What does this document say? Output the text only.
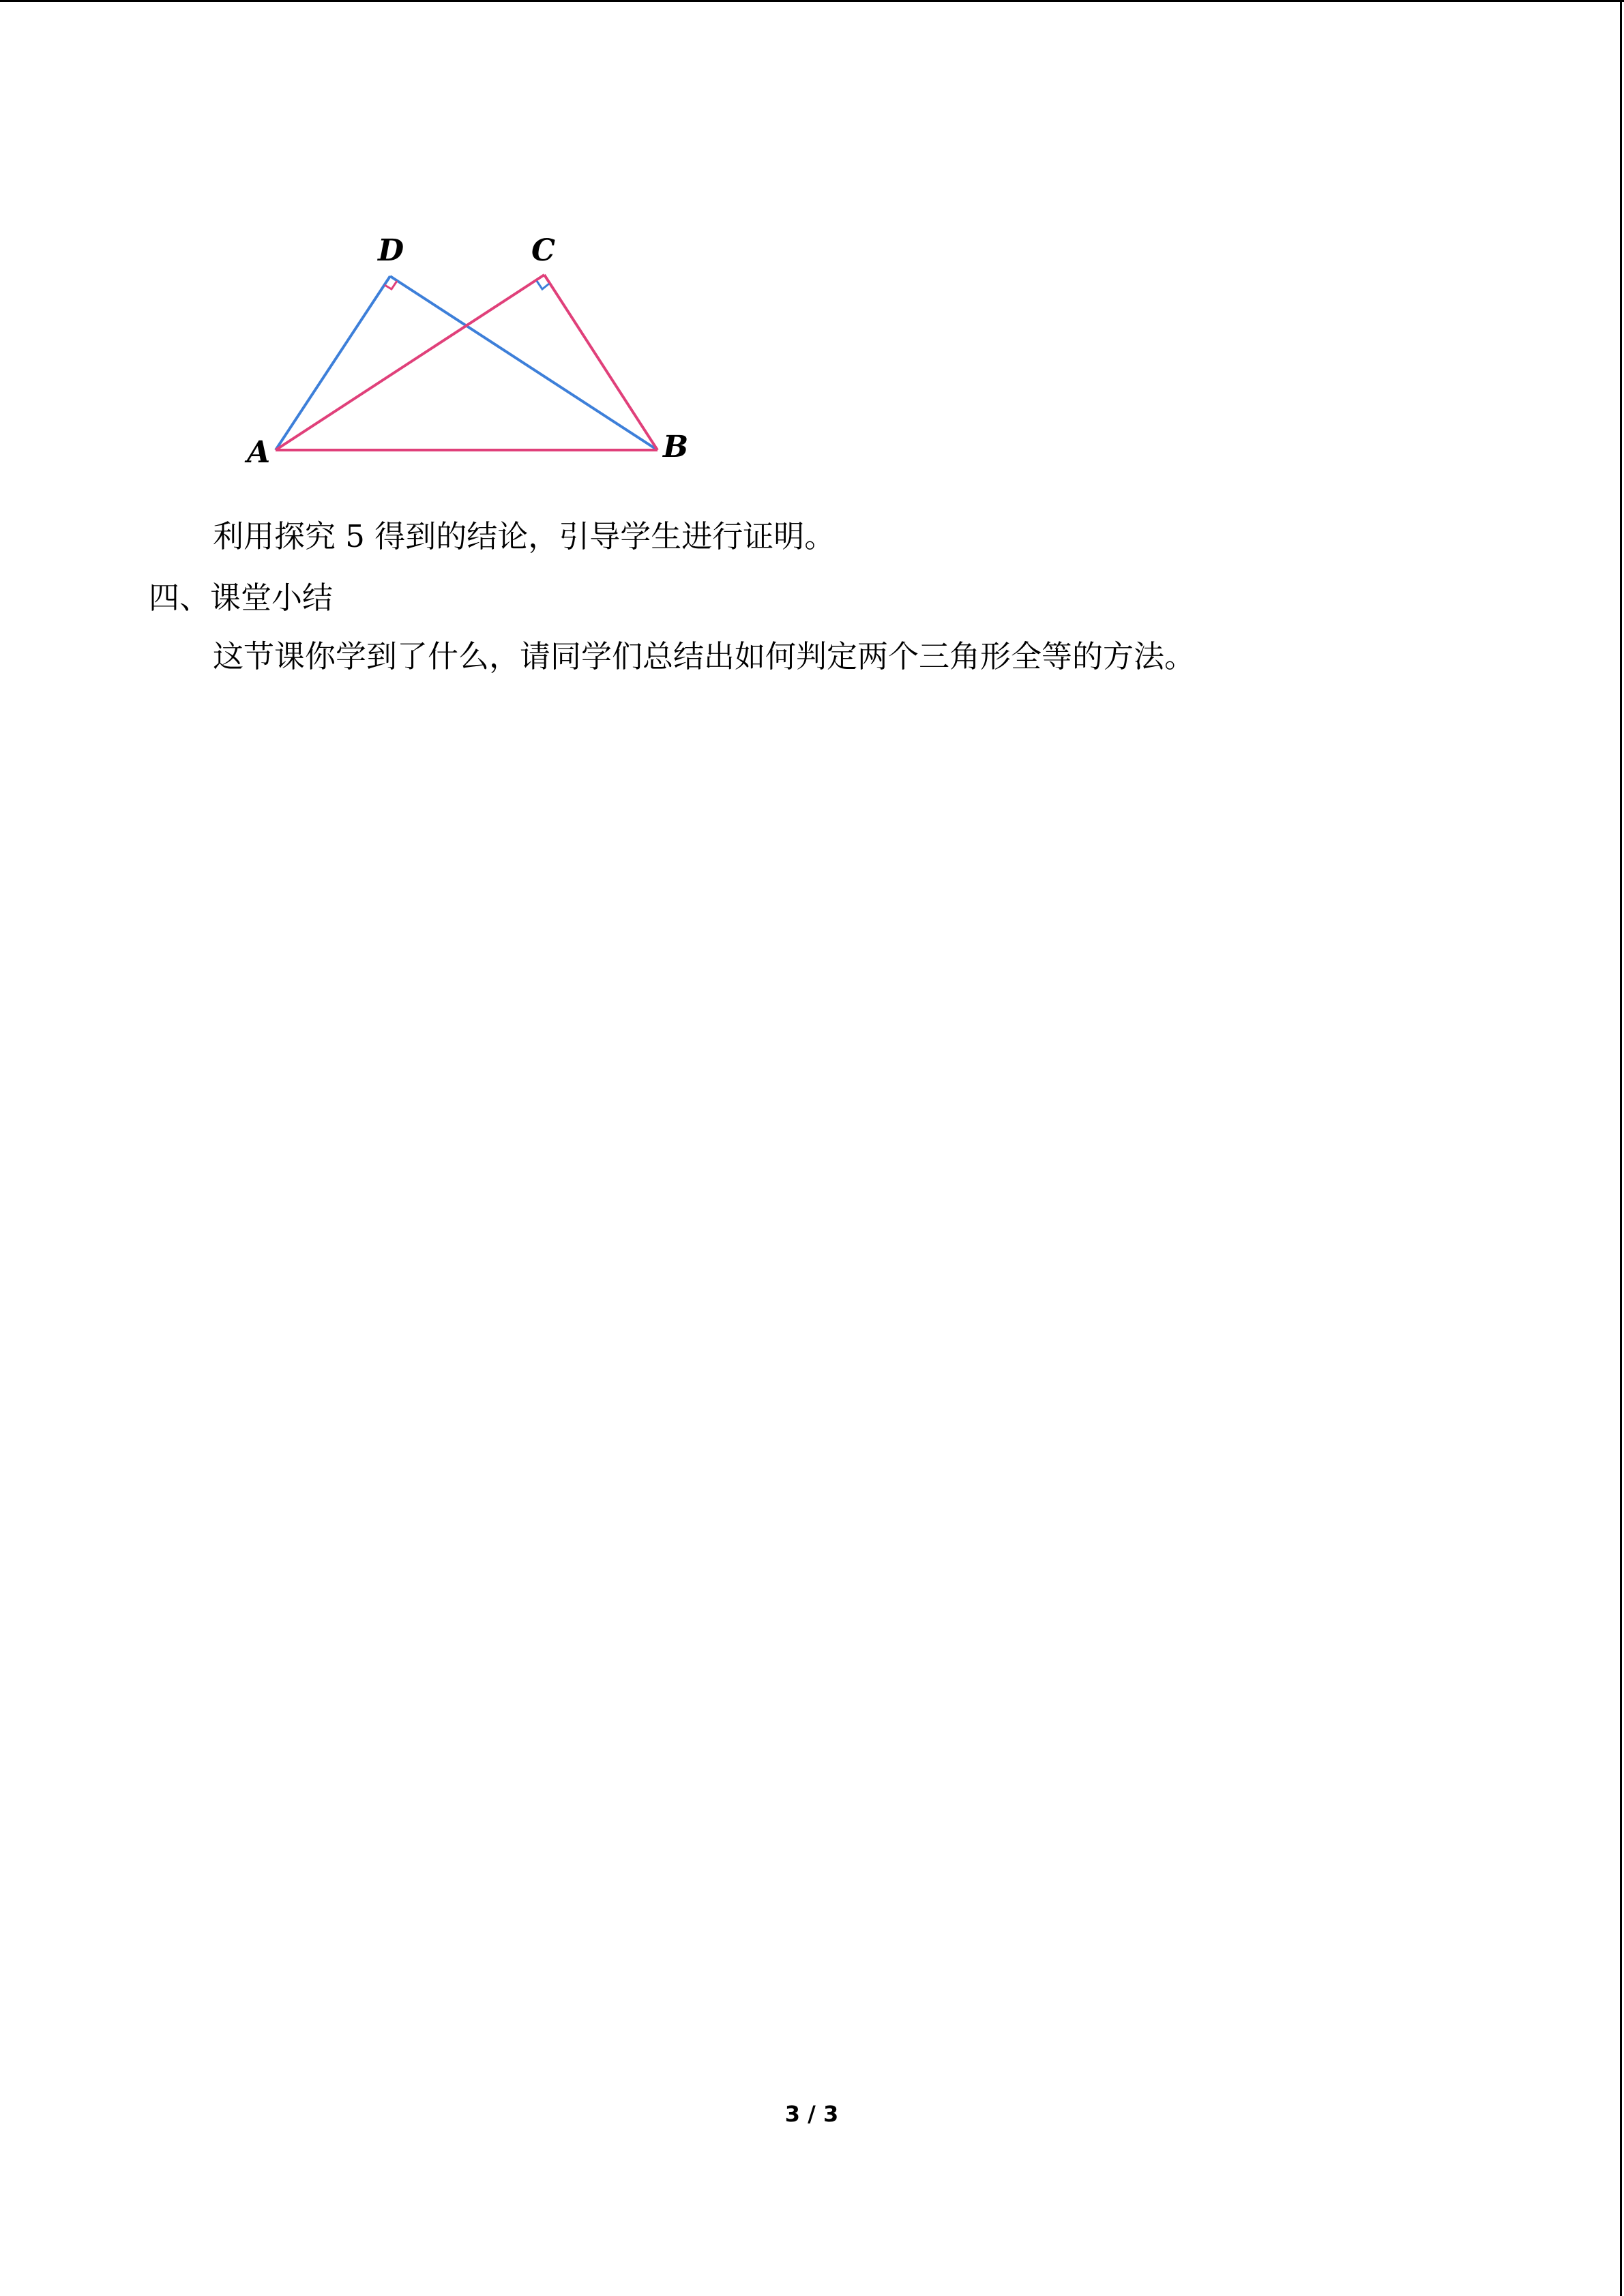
D	C
A	B
利用探究 5 得到的结论，引导学生进行证明。
四、课堂小结
这节课你学到了什么，请同学们总结出如何判定两个三角形全等的方法。
3 / 3
